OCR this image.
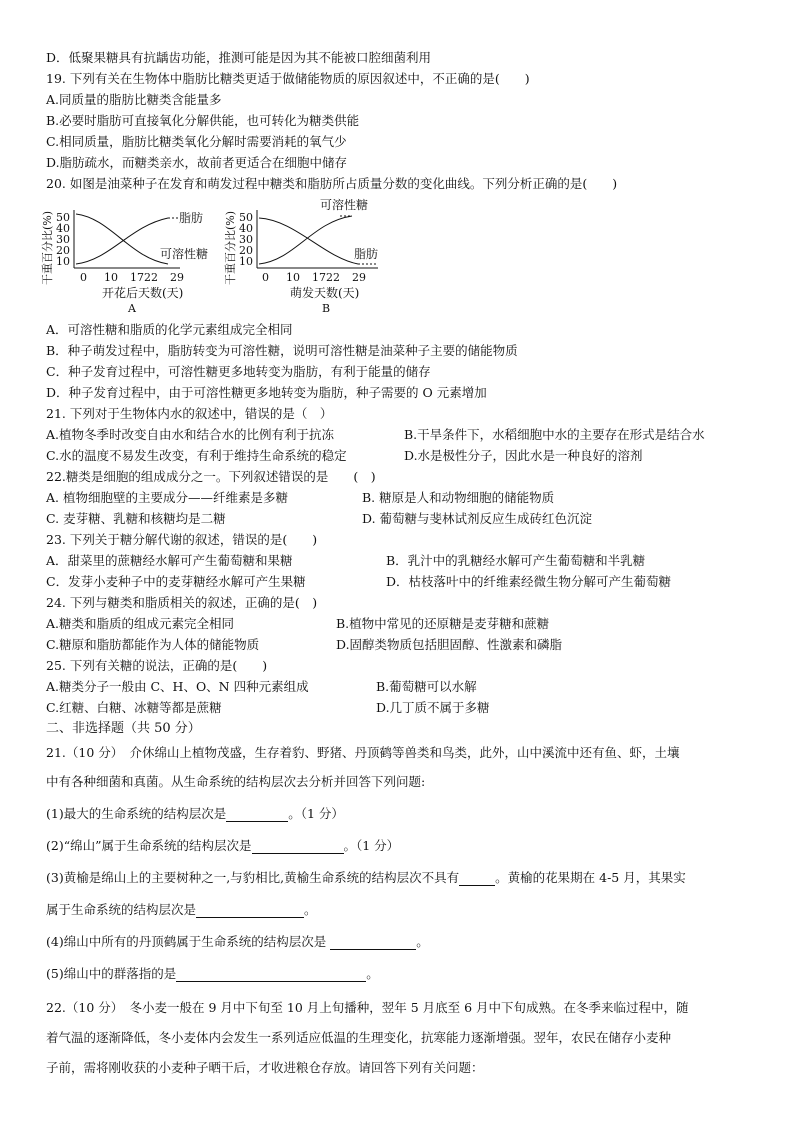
D．低聚果糖具有抗龋齿功能，推测可能是因为其不能被口腔细菌利用
19. 下列有关在生物体中脂肪比糖类更适于做储能物质的原因叙述中，不正确的是(　　)
A.同质量的脂肪比糖类含能量多
B.必要时脂肪可直接氧化分解供能，也可转化为糖类供能
C.相同质量，脂肪比糖类氧化分解时需要消耗的氧气少
D.脂肪疏水，而糖类亲水，故前者更适合在细胞中储存
20. 如图是油菜种子在发育和萌发过程中糖类和脂肪所占质量分数的变化曲线。下列分析正确的是(　　)
干重百分比(%) 50
40
30
20
10
0 10 1722 29
脂肪
可溶性糖
开花后天数(天)
A
干重百分比(%) 50
40
30
20
10
0 10 1722 29
可溶性糖
脂肪
萌发天数(天)
B
A．可溶性糖和脂质的化学元素组成完全相同
B．种子萌发过程中，脂肪转变为可溶性糖，说明可溶性糖是油菜种子主要的储能物质
C．种子发育过程中，可溶性糖更多地转变为脂肪，有利于能量的储存
D．种子发育过程中，由于可溶性糖更多地转变为脂肪，种子需要的 O 元素增加
21. 下列对于生物体内水的叙述中，错误的是（　）
A.植物冬季时改变自由水和结合水的比例有利于抗冻	B.干旱条件下，水稻细胞中水的主要存在形式是结合水
C.水的温度不易发生改变，有利于维持生命系统的稳定	D.水是极性分子，因此水是一种良好的溶剂
22.糖类是细胞的组成成分之一。下列叙述错误的是　　(　)
A. 植物细胞壁的主要成分——纤维素是多糖	B. 糖原是人和动物细胞的储能物质
C. 麦芽糖、乳糖和核糖均是二糖	D. 葡萄糖与斐林试剂反应生成砖红色沉淀
23. 下列关于糖分解代谢的叙述，错误的是(　　)
A．甜菜里的蔗糖经水解可产生葡萄糖和果糖	B．乳汁中的乳糖经水解可产生葡萄糖和半乳糖
C．发芽小麦种子中的麦芽糖经水解可产生果糖	D．枯枝落叶中的纤维素经微生物分解可产生葡萄糖
24. 下列与糖类和脂质相关的叙述，正确的是(　)
A.糖类和脂质的组成元素完全相同	B.植物中常见的还原糖是麦芽糖和蔗糖
C.糖原和脂肪都能作为人体的储能物质	D.固醇类物质包括胆固醇、性激素和磷脂
25. 下列有关糖的说法，正确的是(　　)
A.糖类分子一般由 C、H、O、N 四种元素组成	B.葡萄糖可以水解
C.红糖、白糖、冰糖等都是蔗糖	D.几丁质不属于多糖
二、非选择题（共 50 分）
21.（10 分）　介休绵山上植物茂盛，生存着豹、野猪、丹顶鹤等兽类和鸟类，此外，山中溪流中还有鱼、虾，土壤
中有各种细菌和真菌。从生命系统的结构层次去分析并回答下列问题:
(1)最大的生命系统的结构层次是	。（1 分）
(2)“绵山”属于生命系统的结构层次是	。（1 分）
(3)黄榆是绵山上的主要树种之一,与豹相比,黄榆生命系统的结构层次不具有	。黄榆的花果期在 4-5 月，其果实
属于生命系统的结构层次是	。
(4)绵山中所有的丹顶鹤属于生命系统的结构层次是	。
(5)绵山中的群落指的是	。
22.（10 分）　冬小麦一般在 9 月中下旬至 10 月上旬播种，翌年 5 月底至 6 月中下旬成熟。在冬季来临过程中，随
着气温的逐渐降低，冬小麦体内会发生一系列适应低温的生理变化，抗寒能力逐渐增强。翌年，农民在储存小麦种
子前，需将刚收获的小麦种子晒干后，才收进粮仓存放。请回答下列有关问题：
